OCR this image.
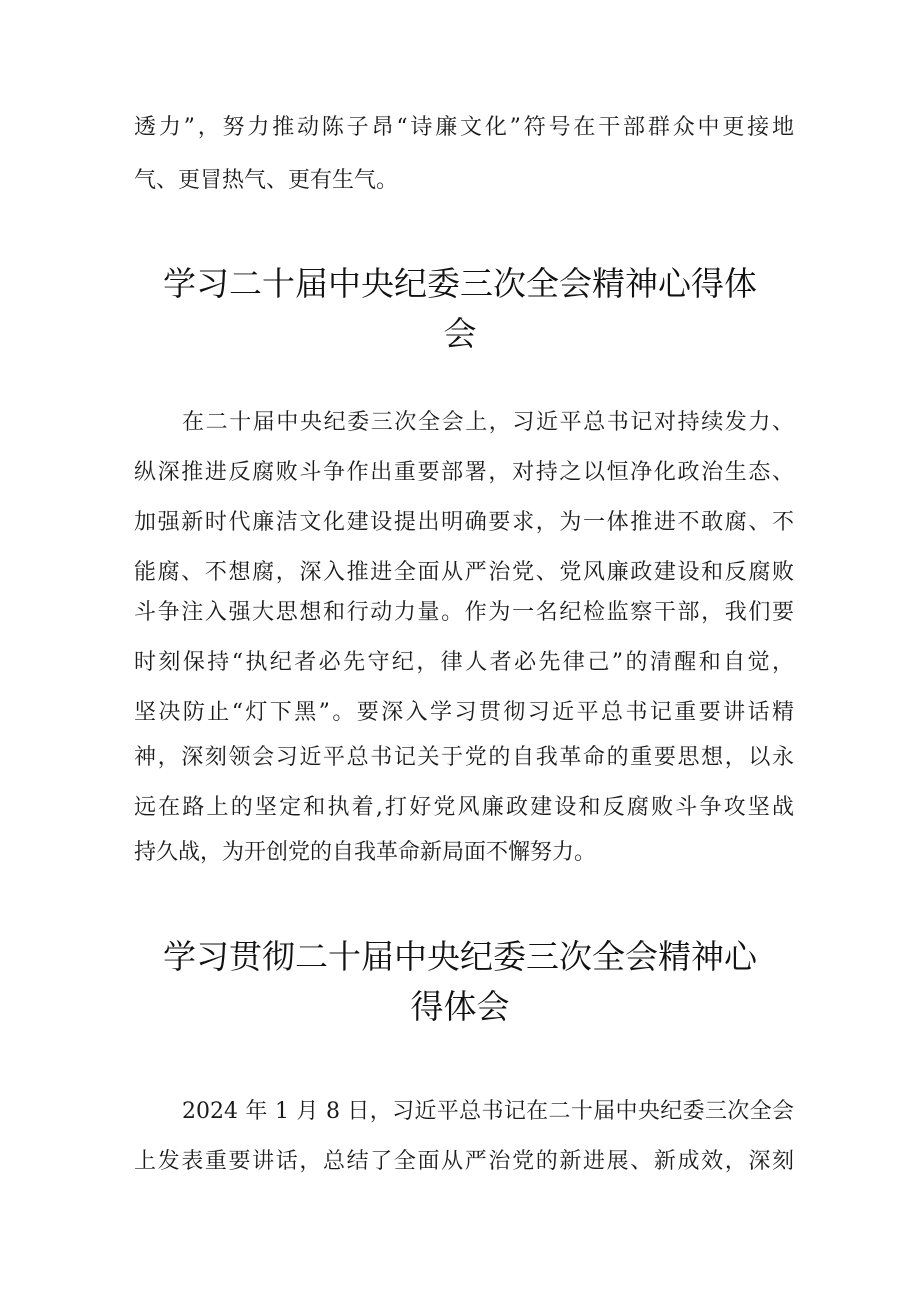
透力”，努力推动陈子昂“诗廉文化”符号在干部群众中更接地
气、更冒热气、更有生气。
学习二十届中央纪委三次全会精神心得体
会
在二十届中央纪委三次全会上，习近平总书记对持续发力、
纵深推进反腐败斗争作出重要部署，对持之以恒净化政治生态、
加强新时代廉洁文化建设提出明确要求，为一体推进不敢腐、不
能腐、不想腐，深入推进全面从严治党、党风廉政建设和反腐败
斗争注入强大思想和行动力量。作为一名纪检监察干部，我们要
时刻保持“执纪者必先守纪，律人者必先律己”的清醒和自觉，
坚决防止“灯下黑”。要深入学习贯彻习近平总书记重要讲话精
神，深刻领会习近平总书记关于党的自我革命的重要思想，以永
远在路上的坚定和执着,打好党风廉政建设和反腐败斗争攻坚战
持久战，为开创党的自我革命新局面不懈努力。
学习贯彻二十届中央纪委三次全会精神心
得体会
2024 年 1 月 8 日，习近平总书记在二十届中央纪委三次全会
上发表重要讲话，总结了全面从严治党的新进展、新成效，深刻
